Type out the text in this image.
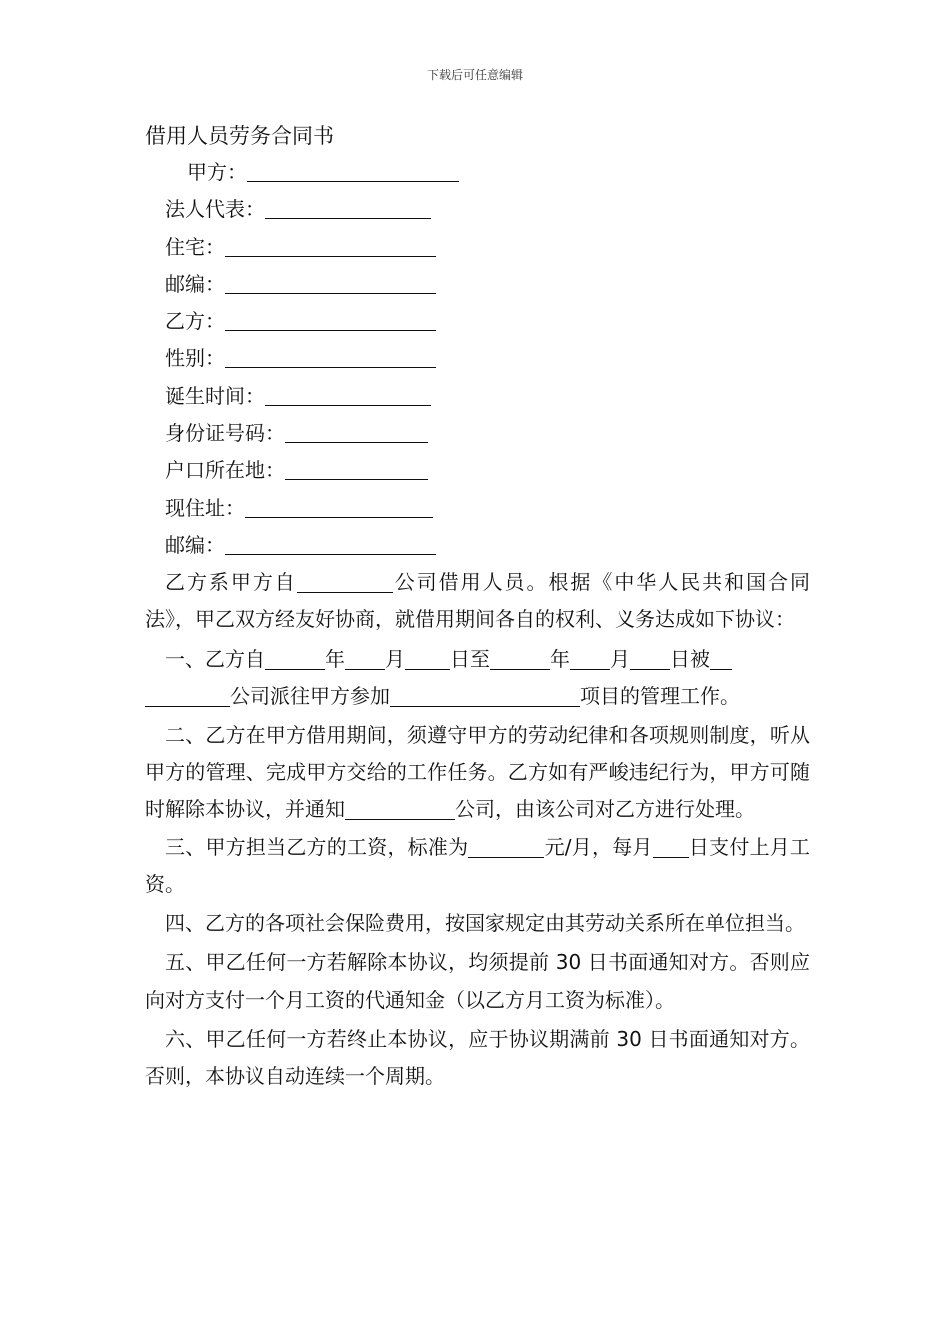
下载后可任意编辑
借用人员劳务合同书
甲方：
法人代表：
住宅：
邮编：
乙方：
性别：
诞生时间：
身份证号码：
户口所在地：
现住址：
邮编：

乙方系甲方自	公司借用人员。根据《中华人民共和国合同法》，甲乙双方经友好协商，就借用期间各自的权利、义务达成如下协议：

一、乙方自	年 月 日至	年 月 日被
公司派往甲方参加	项目的管理工作。

二、乙方在甲方借用期间，须遵守甲方的劳动纪律和各项规则制度，听从甲方的管理、完成甲方交给的工作任务。乙方如有严峻违纪行为，甲方可随时解除本协议，并通知	公司，由该公司对乙方进行处理。

三、甲方担当乙方的工资，标准为	元/月，每月 日支付上月工资。

四、乙方的各项社会保险费用，按国家规定由其劳动关系所在单位担当。

五、甲乙任何一方若解除本协议，均须提前 30 日书面通知对方。否则应向对方支付一个月工资的代通知金（以乙方月工资为标准）。

六、甲乙任何一方若终止本协议，应于协议期满前 30 日书面通知对方。否则，本协议自动连续一个周期。
